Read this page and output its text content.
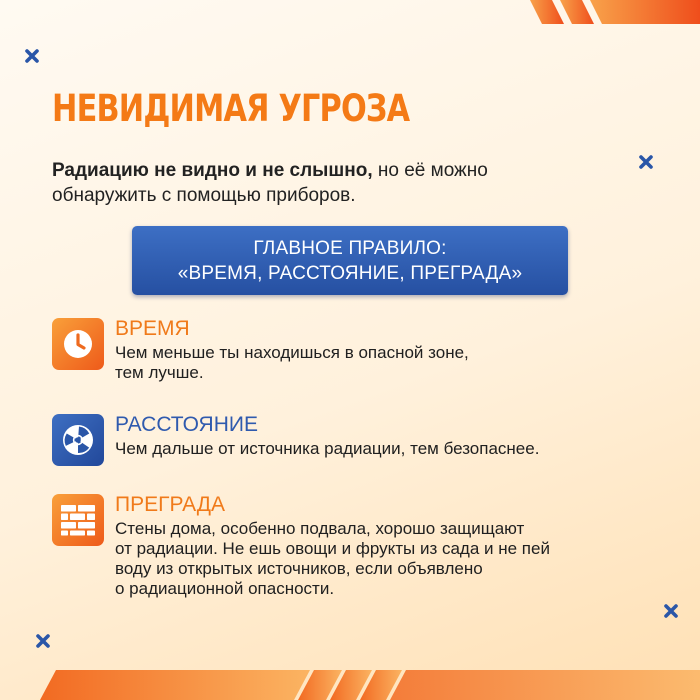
НЕВИДИМАЯ УГРОЗА

Радиацию не видно и не слышно, но её можно
обнаружить с помощью приборов.

ГЛАВНОЕ ПРАВИЛО:
«ВРЕМЯ, РАССТОЯНИЕ, ПРЕГРАДА»
ВРЕМЯ

Чем меньше ты находишься в опасной зоне,
тем лучше.

РАССТОЯНИЕ

Чем дальше от источника радиации, тем безопаснее.

ПРЕГРАДА

Стены дома, особенно подвала, хорошо защищают
от радиации. Не ешь овощи и фрукты из сада и не пей
воду из открытых источников, если объявлено
о радиационной опасности.
